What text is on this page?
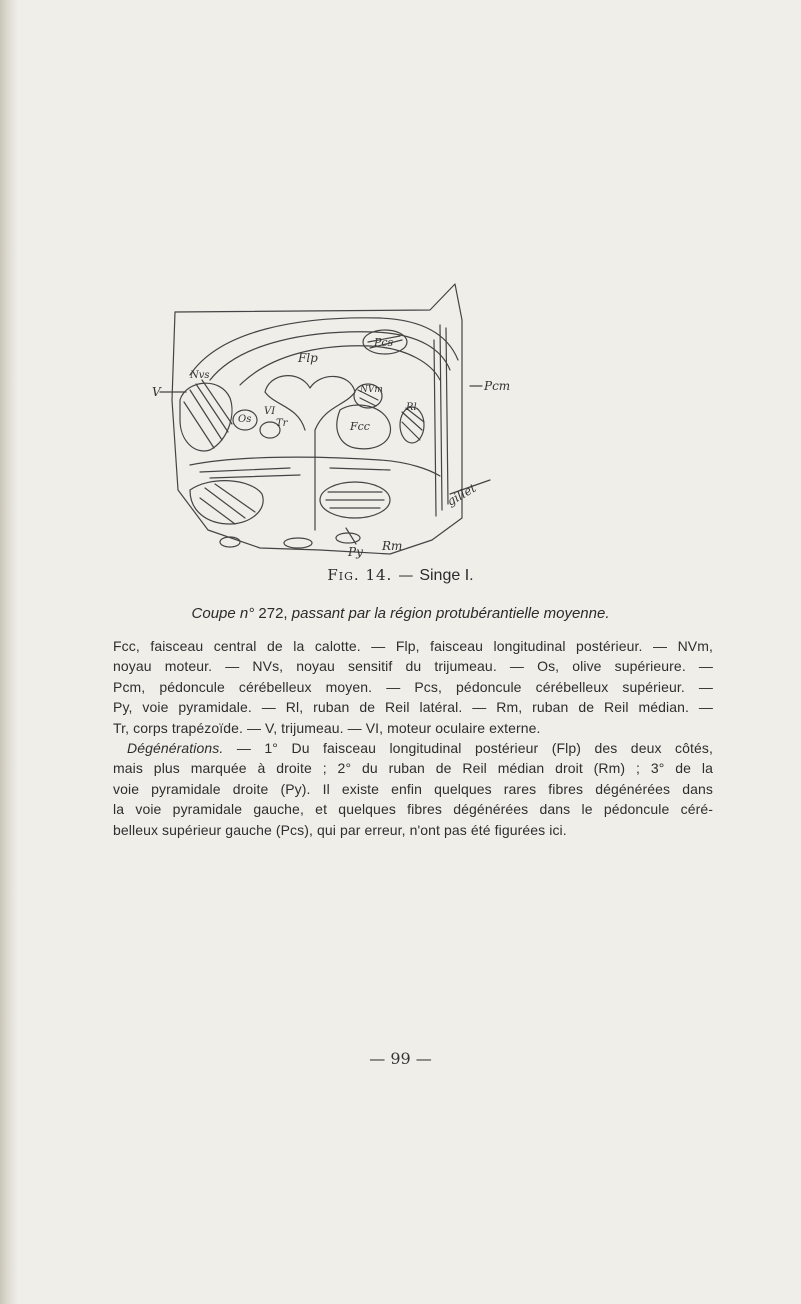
V
Flp
Pcs
Nvs
NVm
Os
VI
Tr	Fcc
Rl
Pcm
gillet
Py Rm
Fig. 14. — Singe I.
Coupe n° 272, passant par la région protubérantielle moyenne.
Fcc, faisceau central de la calotte. — Flp, faisceau longitudinal postérieur. — NVm,
noyau moteur. — NVs, noyau sensitif du trijumeau. — Os, olive supérieure. —
Pcm, pédoncule cérébelleux moyen. — Pcs, pédoncule cérébelleux supérieur. —
Py, voie pyramidale. — Rl, ruban de Reil latéral. — Rm, ruban de Reil médian. —
Tr, corps trapézoïde. — V, trijumeau. — VI, moteur oculaire externe.
Dégénérations. — 1° Du faisceau longitudinal postérieur (Flp) des deux côtés,
mais plus marquée à droite ; 2° du ruban de Reil médian droit (Rm) ; 3° de la
voie pyramidale droite (Py). Il existe enfin quelques rares fibres dégénérées dans
la voie pyramidale gauche, et quelques fibres dégénérées dans le pédoncule céré-
belleux supérieur gauche (Pcs), qui par erreur, n'ont pas été figurées ici.
— 99 —
